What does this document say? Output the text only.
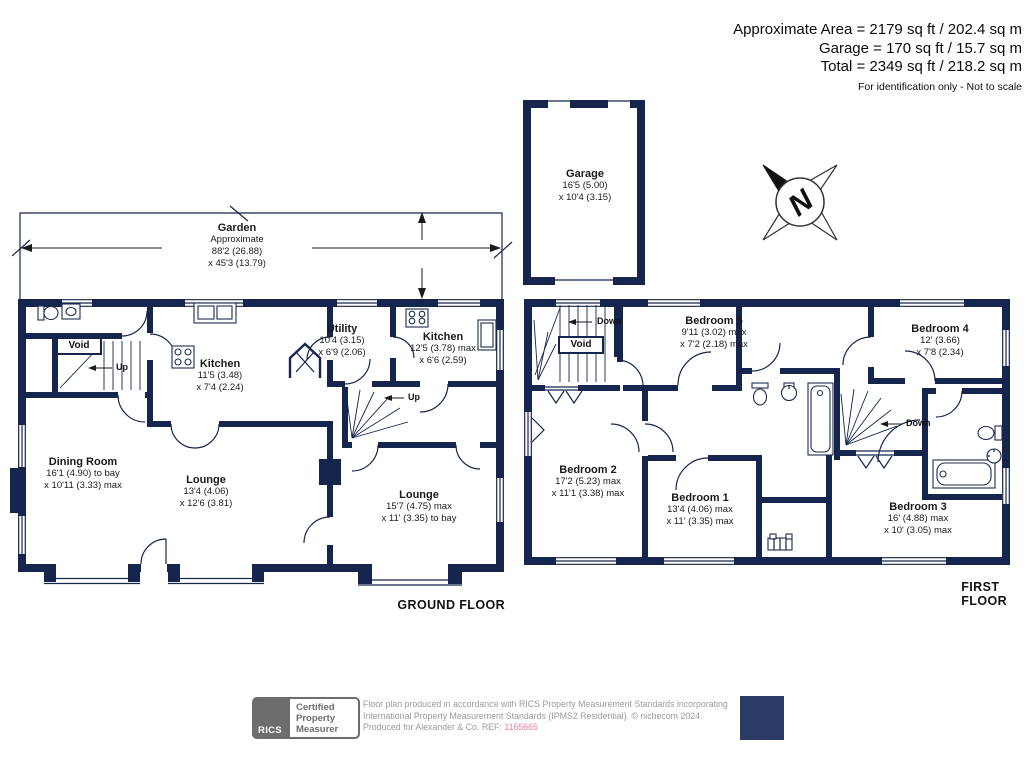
N
Approximate Area = 2179 sq ft / 202.4 sq m
Garage = 170 sq ft / 15.7 sq m
Total = 2349 sq ft / 218.2 sq m
For identification only - Not to scale
Garden
Approximate
88'2 (26.88)
x 45'3 (13.79)
Garage
16'5 (5.00)
x 10'4 (3.15)
Dining Room
16'1 (4.90) to bay
x 10'11 (3.33) max
Kitchen
11'5 (3.48)
x 7'4 (2.24)
Utility
10'4 (3.15)
x 6'9 (2.06)
Kitchen
12'5 (3.78) max
x 6'6 (2.59)
Lounge
13'4 (4.06)
x 12'6 (3.81)
Lounge
15'7 (4.75) max
x 11' (3.35) to bay
Bedroom 5
9'11 (3.02) max
x 7'2 (2.18) max
Bedroom 4
12' (3.66)
x 7'8 (2.34)
Bedroom 2
17'2 (5.23) max
x 11'1 (3.38) max	Bedroom 1
13'4 (4.06) max
x 11' (3.35) max
Bedroom 3
16' (4.88) max
x 10' (3.05) max
Void	Void
Up
Up
Down
Down
GROUND FLOOR
FIRST FLOOR
RICS
Certified
Property
Measurer
Floor plan produced in accordance with RICS Property Measurement Standards incorporating
International Property Measurement Standards (IPMS2 Residential). © nichecom 2024.
Produced for Alexander & Co. REF: 1165665
